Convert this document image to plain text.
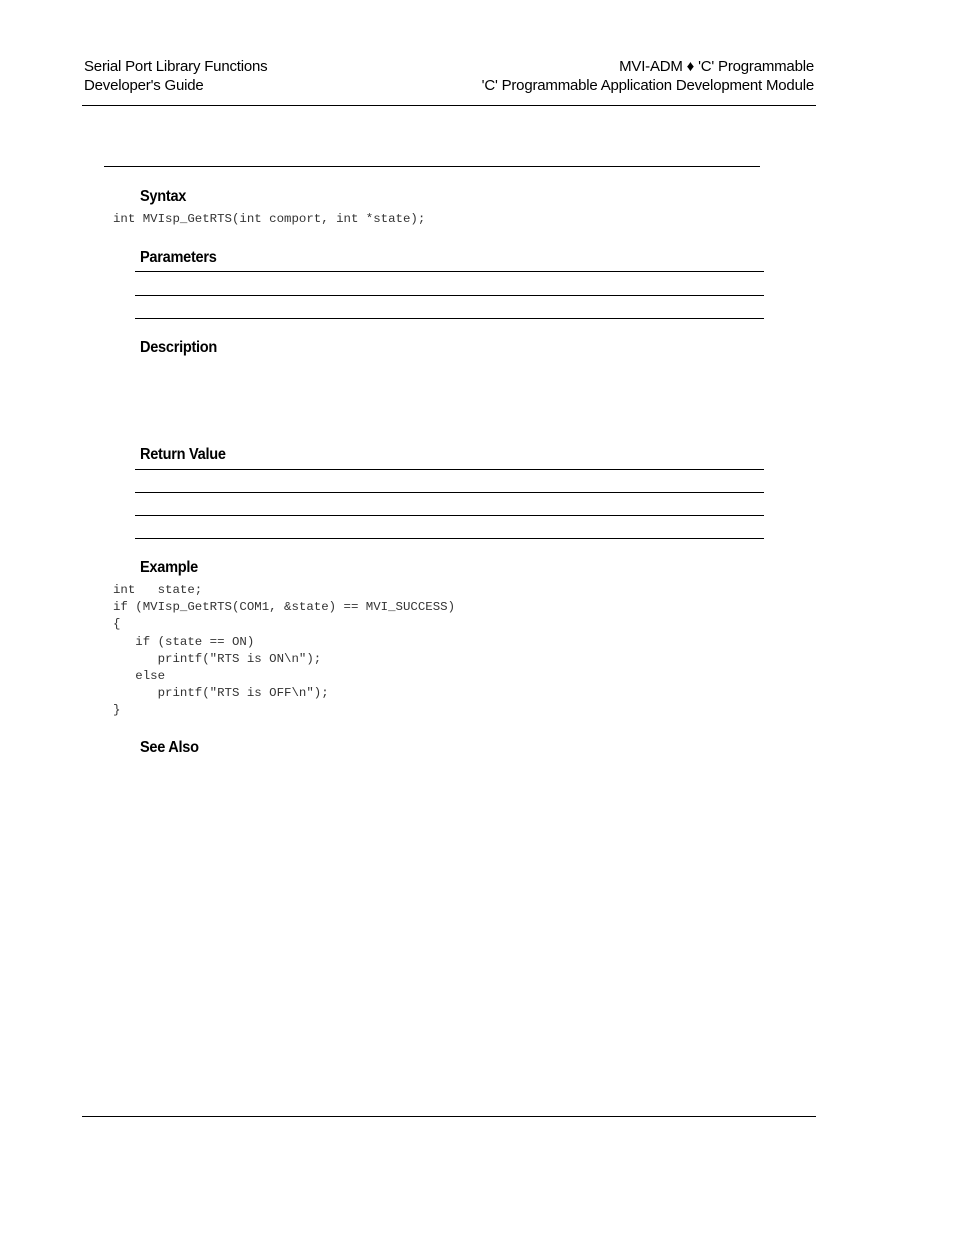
Serial Port Library Functions
Developer's Guide
MVI-ADM ♦ 'C' Programmable
'C' Programmable Application Development Module
Syntax
int MVIsp_GetRTS(int comport, int *state);
Parameters
Description
Return Value
Example
int   state;
if (MVIsp_GetRTS(COM1, &state) == MVI_SUCCESS)
{
if (state == ON)
printf("RTS is ON\n");
else
printf("RTS is OFF\n");
}
See Also
